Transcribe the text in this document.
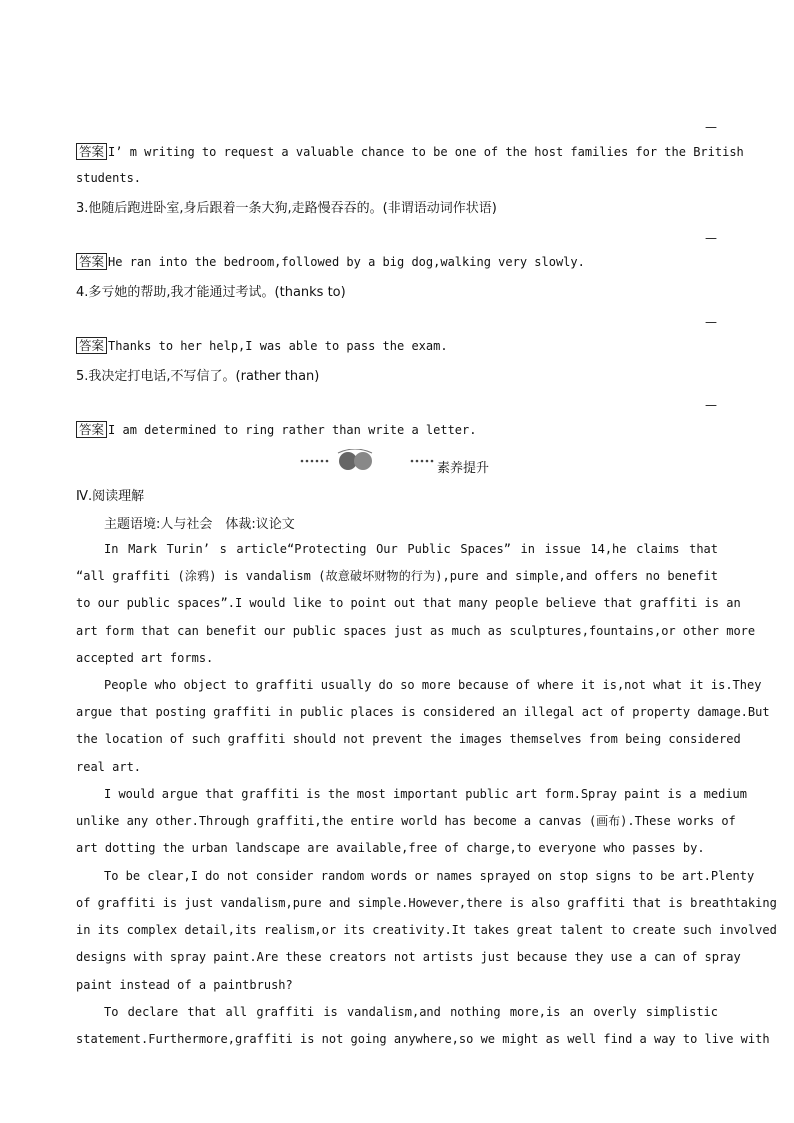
—
答案 I’ m writing to request a valuable chance to be one of the host families for the British
students.
3.他随后跑进卧室,身后跟着一条大狗,走路慢吞吞的。(非谓语动词作状语)
—
答案 He ran into the bedroom,followed by a big dog,walking very slowly.
4.多亏她的帮助,我才能通过考试。(thanks to)
—
答案 Thanks to her help,I was able to pass the exam.
5.我决定打电话,不写信了。(rather than)
—
答案 I am determined to ring rather than write a letter.
素养提升
Ⅳ.阅读理解
主题语境:人与社会　体裁:议论文
In Mark Turin’ s article“Protecting Our Public Spaces” in issue 14,he claims that
“all graffiti (涂鸦) is vandalism (故意破坏财物的行为),pure and simple,and offers no benefit
to our public spaces”.I would like to point out that many people believe that graffiti is an
art form that can benefit our public spaces just as much as sculptures,fountains,or other more
accepted art forms.
People who object to graffiti usually do so more because of where it is,not what it is.They
argue that posting graffiti in public places is considered an illegal act of property damage.But
the location of such graffiti should not prevent the images themselves from being considered
real art.
I would argue that graffiti is the most important public art form.Spray paint is a medium
unlike any other.Through graffiti,the entire world has become a canvas (画布).These works of
art dotting the urban landscape are available,free of charge,to everyone who passes by.
To be clear,I do not consider random words or names sprayed on stop signs to be art.Plenty
of graffiti is just vandalism,pure and simple.However,there is also graffiti that is breathtaking
in its complex detail,its realism,or its creativity.It takes great talent to create such involved
designs with spray paint.Are these creators not artists just because they use a can of spray
paint instead of a paintbrush?
To declare that all graffiti is vandalism,and nothing more,is an overly simplistic
statement.Furthermore,graffiti is not going anywhere,so we might as well find a way to live with
